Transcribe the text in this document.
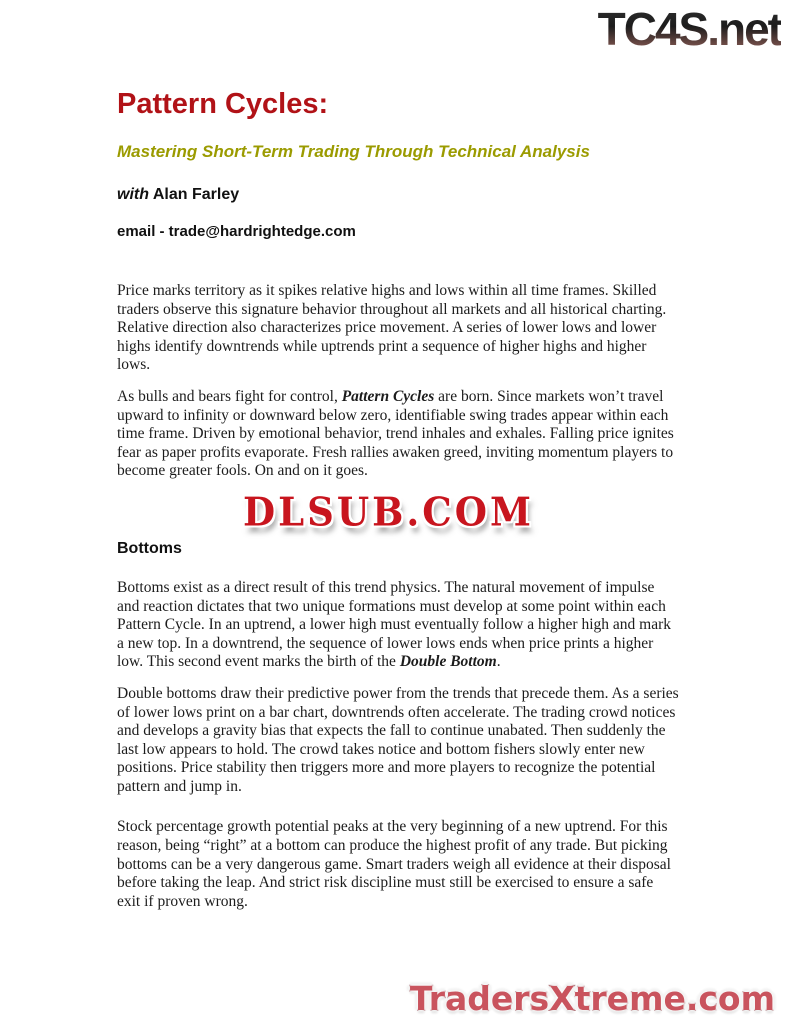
TC4S.net
Pattern Cycles:
Mastering Short-Term Trading Through Technical Analysis
with Alan Farley
email - trade@hardrightedge.com

Price marks territory as it spikes relative highs and lows within all time frames. Skilled traders observe this signature behavior throughout all markets and all historical charting. Relative direction also characterizes price movement. A series of lower lows and lower highs identify downtrends while uptrends print a sequence of higher highs and higher lows.

As bulls and bears fight for control, Pattern Cycles are born. Since markets won’t travel upward to infinity or downward below zero, identifiable swing trades appear within each time frame. Driven by emotional behavior, trend inhales and exhales. Falling price ignites fear as paper profits evaporate. Fresh rallies awaken greed, inviting momentum players to become greater fools. On and on it goes.

DLSUB.COM
Bottoms

Bottoms exist as a direct result of this trend physics. The natural movement of impulse and reaction dictates that two unique formations must develop at some point within each Pattern Cycle. In an uptrend, a lower high must eventually follow a higher high and mark a new top. In a downtrend, the sequence of lower lows ends when price prints a higher low. This second event marks the birth of the Double Bottom.

Double bottoms draw their predictive power from the trends that precede them. As a series of lower lows print on a bar chart, downtrends often accelerate. The trading crowd notices and develops a gravity bias that expects the fall to continue unabated. Then suddenly the last low appears to hold. The crowd takes notice and bottom fishers slowly enter new positions. Price stability then triggers more and more players to recognize the potential pattern and jump in.

Stock percentage growth potential peaks at the very beginning of a new uptrend. For this reason, being “right” at a bottom can produce the highest profit of any trade. But picking bottoms can be a very dangerous game. Smart traders weigh all evidence at their disposal before taking the leap. And strict risk discipline must still be exercised to ensure a safe exit if proven wrong.

TradersXtreme.com
